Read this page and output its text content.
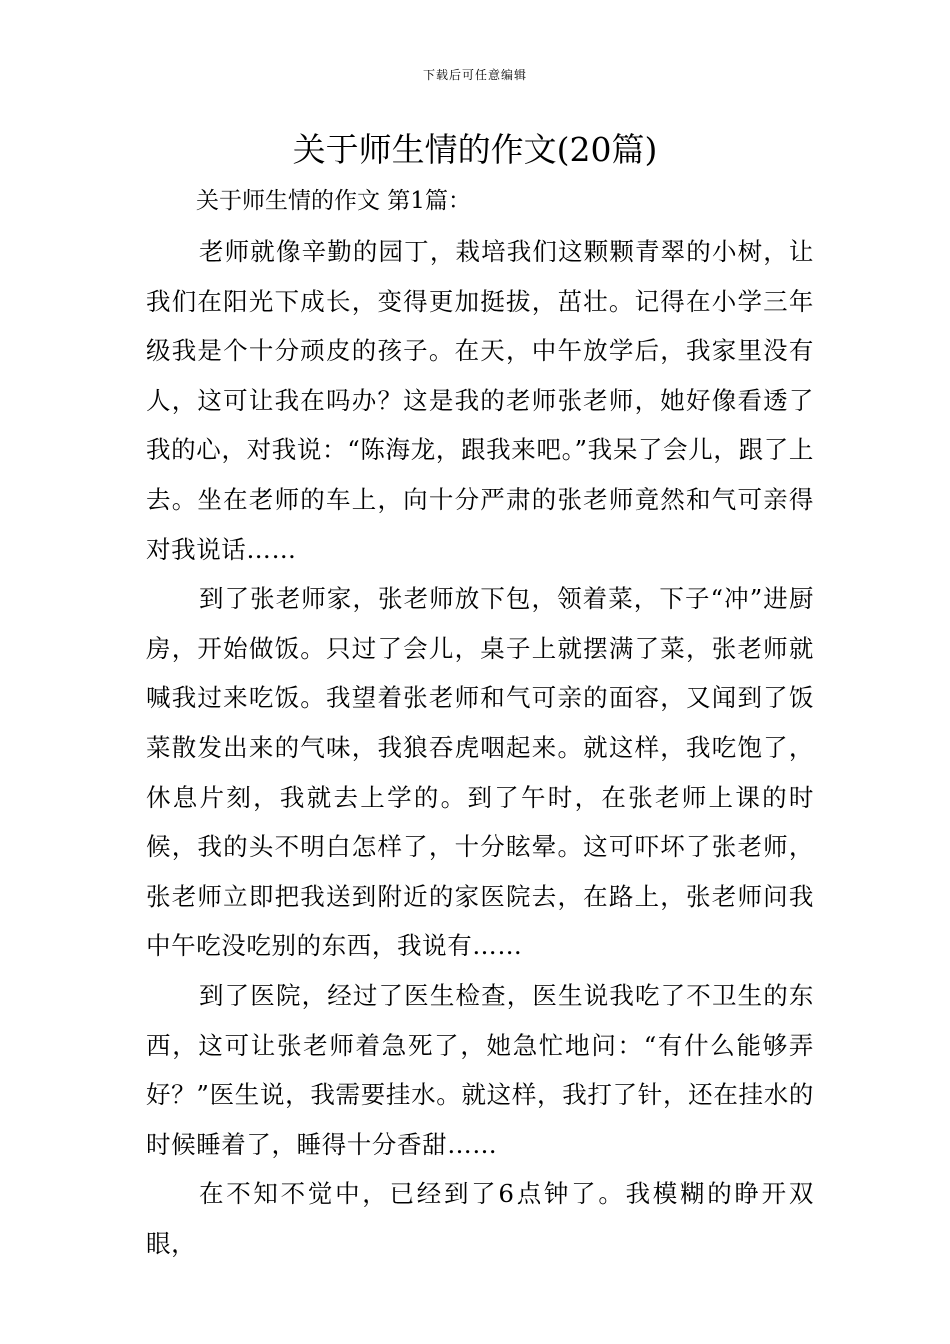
下载后可任意编辑
关于师生情的作文(20篇)
关于师生情的作文 第1篇：

老师就像辛勤的园丁，栽培我们这颗颗青翠的小树，让我们在阳光下成长，变得更加挺拔，茁壮。记得在小学三年级我是个十分顽皮的孩子。在天，中午放学后，我家里没有人，这可让我在吗办？这是我的老师张老师，她好像看透了我的心，对我说：“陈海龙，跟我来吧。”我呆了会儿，跟了上去。坐在老师的车上，向十分严肃的张老师竟然和气可亲得对我说话……

到了张老师家，张老师放下包，领着菜，下子“冲”进厨房，开始做饭。只过了会儿，桌子上就摆满了菜，张老师就喊我过来吃饭。我望着张老师和气可亲的面容，又闻到了饭菜散发出来的气味，我狼吞虎咽起来。就这样，我吃饱了，休息片刻，我就去上学的。到了午时，在张老师上课的时候，我的头不明白怎样了，十分眩晕。这可吓坏了张老师，张老师立即把我送到附近的家医院去，在路上，张老师问我中午吃没吃别的东西，我说有……

到了医院，经过了医生检查，医生说我吃了不卫生的东西，这可让张老师着急死了，她急忙地问：“有什么能够弄好？”医生说，我需要挂水。就这样，我打了针，还在挂水的时候睡着了，睡得十分香甜……

在不知不觉中，已经到了6点钟了。我模糊的睁开双眼，
